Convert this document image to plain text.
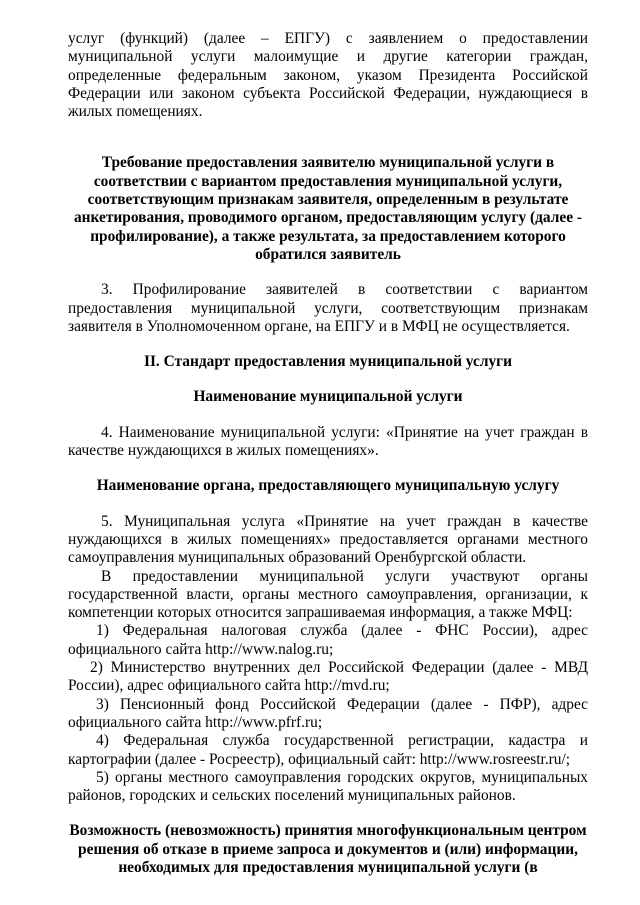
услуг (функций) (далее – ЕПГУ) с заявлением о предоставлении муниципальной услуги малоимущие и другие категории граждан, определенные федеральным законом, указом Президента Российской Федерации или законом субъекта Российской Федерации, нуждающиеся в жилых помещениях.

Требование предоставления заявителю муниципальной услуги в соответствии с вариантом предоставления муниципальной услуги, соответствующим признакам заявителя, определенным в результате анкетирования, проводимого органом, предоставляющим услугу (далее - профилирование), а также результата, за предоставлением которого обратился заявитель

3. Профилирование заявителей в соответствии с вариантом предоставления муниципальной услуги, соответствующим признакам заявителя в Уполномоченном органе, на ЕПГУ и в МФЦ не осуществляется.

II. Стандарт предоставления муниципальной услуги

Наименование муниципальной услуги

4. Наименование муниципальной услуги: «Принятие на учет граждан в качестве нуждающихся в жилых помещениях».

Наименование органа, предоставляющего муниципальную услугу

5. Муниципальная услуга «Принятие на учет граждан в качестве нуждающихся в жилых помещениях» предоставляется органами местного самоуправления муниципальных образований Оренбургской области.

В предоставлении муниципальной услуги участвуют органы государственной власти, органы местного самоуправления, организации, к компетенции которых относится запрашиваемая информация, а также МФЦ:

1) Федеральная налоговая служба (далее - ФНС России), адрес официального сайта http://www.nalog.ru;

2) Министерство внутренних дел Российской Федерации (далее - МВД России), адрес официального сайта http://mvd.ru;

3) Пенсионный фонд Российской Федерации (далее - ПФР), адрес официального сайта http://www.pfrf.ru;

4) Федеральная служба государственной регистрации, кадастра и картографии (далее - Росреестр), официальный сайт: http://www.rosreestr.ru/;

5) органы местного самоуправления городских округов, муниципальных районов, городских и сельских поселений муниципальных районов.

Возможность (невозможность) принятия многофункциональным центром решения об отказе в приеме запроса и документов и (или) информации, необходимых для предоставления муниципальной услуги (в
